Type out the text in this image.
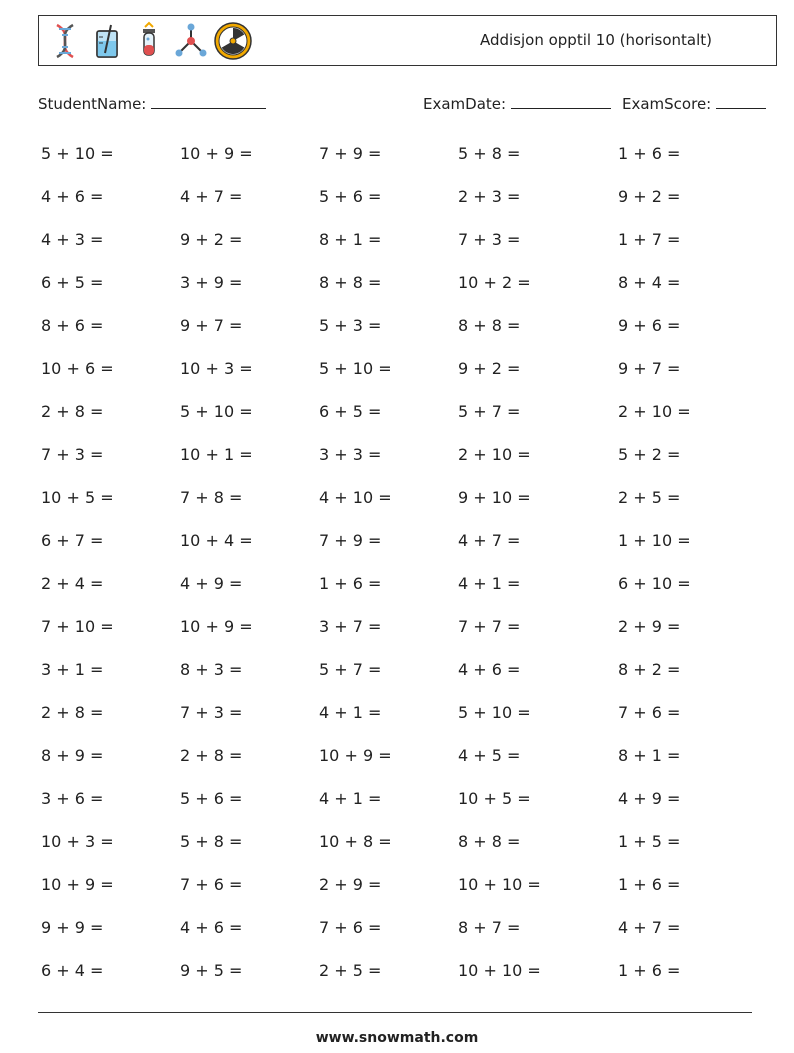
Addisjon opptil 10 (horisontalt)
StudentName:	ExamDate:	ExamScore:
5 + 10 =	10 + 9 =	7 + 9 =	5 + 8 =	1 + 6 =
4 + 6 =	4 + 7 =	5 + 6 =	2 + 3 =	9 + 2 =
4 + 3 =	9 + 2 =	8 + 1 =	7 + 3 =	1 + 7 =
6 + 5 =	3 + 9 =	8 + 8 =	10 + 2 =	8 + 4 =
8 + 6 =	9 + 7 =	5 + 3 =	8 + 8 =	9 + 6 =
10 + 6 =	10 + 3 =	5 + 10 =	9 + 2 =	9 + 7 =
2 + 8 =	5 + 10 =	6 + 5 =	5 + 7 =	2 + 10 =
7 + 3 =	10 + 1 =	3 + 3 =	2 + 10 =	5 + 2 =
10 + 5 =	7 + 8 =	4 + 10 =	9 + 10 =	2 + 5 =
6 + 7 =	10 + 4 =	7 + 9 =	4 + 7 =	1 + 10 =
2 + 4 =	4 + 9 =	1 + 6 =	4 + 1 =	6 + 10 =
7 + 10 =	10 + 9 =	3 + 7 =	7 + 7 =	2 + 9 =
3 + 1 =	8 + 3 =	5 + 7 =	4 + 6 =	8 + 2 =
2 + 8 =	7 + 3 =	4 + 1 =	5 + 10 =	7 + 6 =
8 + 9 =	2 + 8 =	10 + 9 =	4 + 5 =	8 + 1 =
3 + 6 =	5 + 6 =	4 + 1 =	10 + 5 =	4 + 9 =
10 + 3 =	5 + 8 =	10 + 8 =	8 + 8 =	1 + 5 =
10 + 9 =	7 + 6 =	2 + 9 =	10 + 10 =	1 + 6 =
9 + 9 =	4 + 6 =	7 + 6 =	8 + 7 =	4 + 7 =
6 + 4 =	9 + 5 =	2 + 5 =	10 + 10 =	1 + 6 =
www.snowmath.com
